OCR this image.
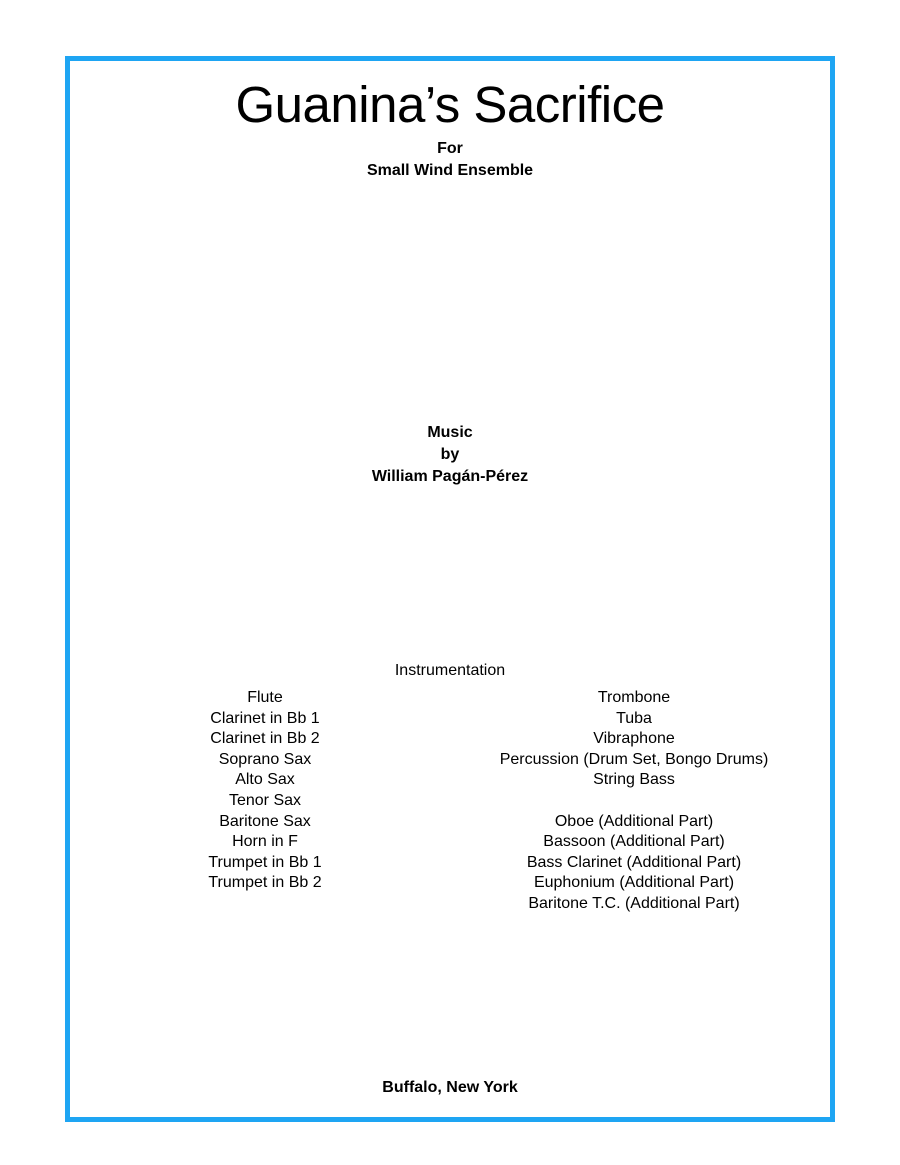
Guanina’s Sacrifice
For
Small Wind Ensemble
Music
by
William Pagán-Pérez
Instrumentation
Flute
Clarinet in Bb 1
Clarinet in Bb 2
Soprano Sax
Alto Sax
Tenor Sax
Baritone Sax
Horn in F
Trumpet in Bb 1
Trumpet in Bb 2
Trombone
Tuba
Vibraphone
Percussion (Drum Set, Bongo Drums)
String Bass
Oboe (Additional Part)
Bassoon (Additional Part)
Bass Clarinet (Additional Part)
Euphonium (Additional Part)
Baritone T.C. (Additional Part)
Buffalo, New York
